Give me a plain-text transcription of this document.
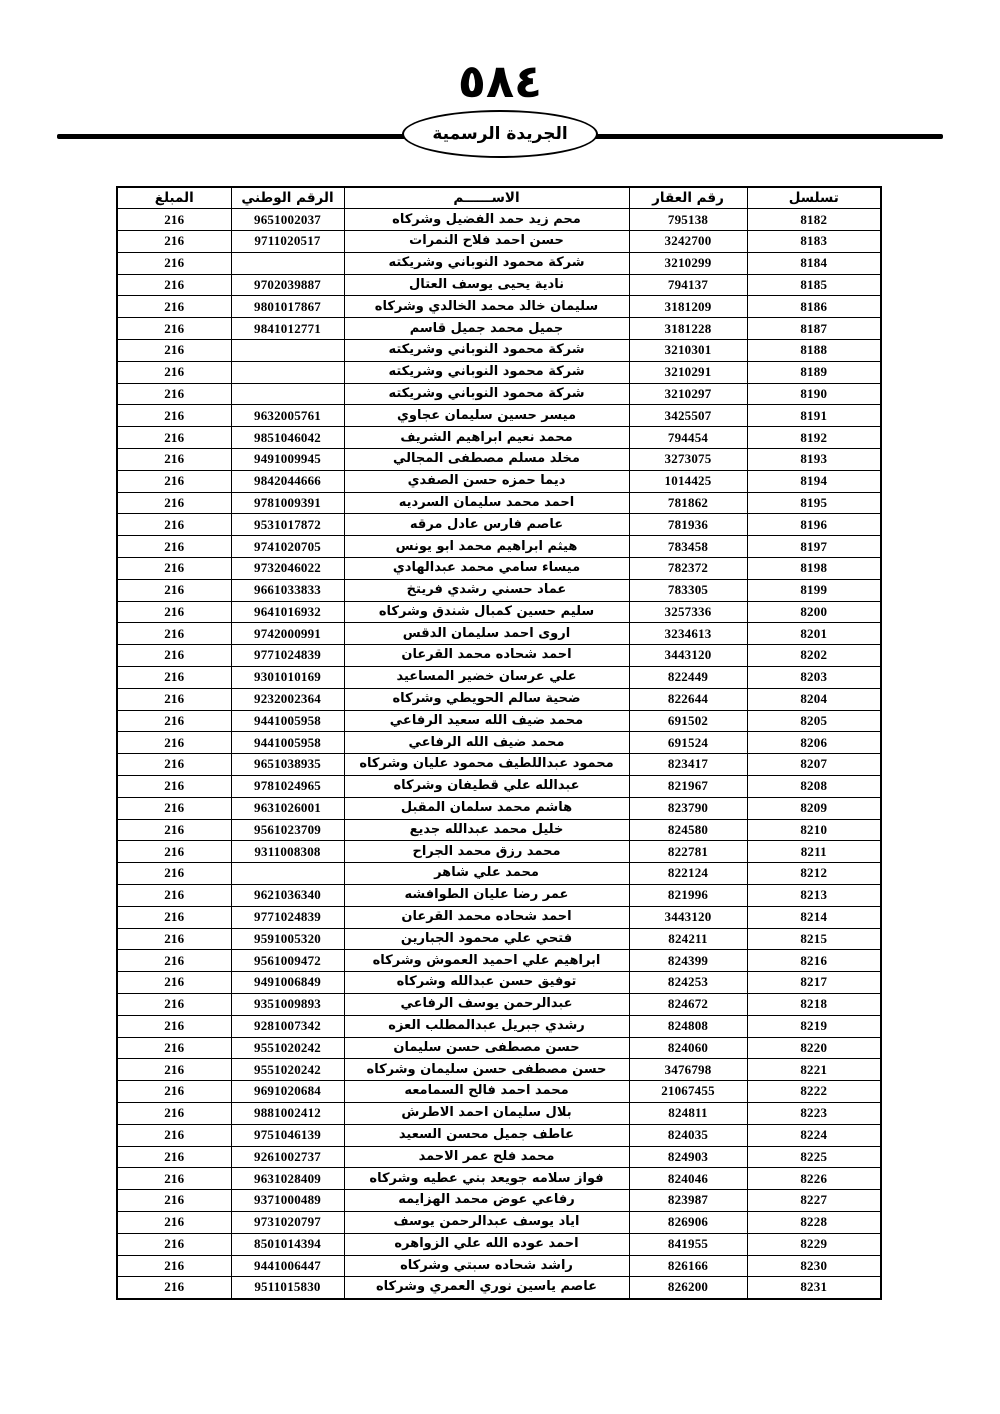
٥٨٤
الجريدة الرسمية
تسلسل	رقم العقار	الاســــــم	الرقم الوطني	المبلغ
8182	795138	محم زيد حمد الفضيل وشركاه	9651002037	216
8183	3242700	حسن احمد فلاح النمرات	9711020517	216
8184	3210299	شركة محمود النوباني وشريكته		216
8185	794137	نادية يحيى يوسف العتال	9702039887	216
8186	3181209	سليمان خالد محمد الخالدي وشركاه	9801017867	216
8187	3181228	جميل محمد جميل قاسم	9841012771	216
8188	3210301	شركة محمود النوباني وشريكته		216
8189	3210291	شركة محمود النوباني وشريكته		216
8190	3210297	شركة محمود النوباني وشريكته		216
8191	3425507	ميسر حسين سليمان عجاوي	9632005761	216
8192	794454	محمد نعيم ابراهيم الشريف	9851046042	216
8193	3273075	مخلد مسلم مصطفى المجالي	9491009945	216
8194	1014425	ديما حمزه حسن الصفدي	9842044666	216
8195	781862	احمد محمد سليمان السرديه	9781009391	216
8196	781936	عاصم فارس عادل مرقه	9531017872	216
8197	783458	هيثم ابراهيم محمد ابو يونس	9741020705	216
8198	782372	ميساء سامي محمد عبدالهادي	9732046022	216
8199	783305	عماد حسني رشدي فريتخ	9661033833	216
8200	3257336	سليم حسين كمبال شندق وشركاه	9641016932	216
8201	3234613	اروى احمد سليمان الدقس	9742000991	216
8202	3443120	احمد شحاده محمد القرعان	9771024839	216
8203	822449	علي عرسان خضير المساعيد	9301010169	216
8204	822644	ضحية سالم الحويطي وشركاه	9232002364	216
8205	691502	محمد ضيف الله سعيد الرفاعي	9441005958	216
8206	691524	محمد ضيف الله الرفاعي	9441005958	216
8207	823417	محمود عبداللطيف محمود عليان وشركاه	9651038935	216
8208	821967	عبدالله علي قطيفان وشركاه	9781024965	216
8209	823790	هاشم محمد سلمان المقبل	9631026001	216
8210	824580	خليل محمد عبدالله جديع	9561023709	216
8211	822781	محمد رزق محمد الجراح	9311008308	216
8212	822124	محمد علي شاهر		216
8213	821996	عمر رضا عليان الطوافشه	9621036340	216
8214	3443120	احمد شحاده محمد القرعان	9771024839	216
8215	824211	فتحي علي محمود الجبارين	9591005320	216
8216	824399	ابراهيم علي احميد العموش وشركاه	9561009472	216
8217	824253	توفيق حسن عبدالله وشركاه	9491006849	216
8218	824672	عبدالرحمن يوسف الرفاعي	9351009893	216
8219	824808	رشدي جبريل عبدالمطلب العزه	9281007342	216
8220	824060	حسن مصطفى حسن سليمان	9551020242	216
8221	3476798	حسن مصطفى حسن سليمان وشركاه	9551020242	216
8222	21067455	محمد احمد فالح السمامعه	9691020684	216
8223	824811	بلال سليمان احمد الاطرش	9881002412	216
8224	824035	عاطف جميل محسن السعيد	9751046139	216
8225	824903	محمد فلح عمر الاحمد	9261002737	216
8226	824046	فواز سلامه جويعد بني عطيه وشركاه	9631028409	216
8227	823987	رفاعي عوض محمد الهزايمه	9371000489	216
8228	826906	اياد يوسف عبدالرحمن يوسف	9731020797	216
8229	841955	احمد عوده الله علي الزواهره	8501014394	216
8230	826166	راشد شحاده سبتي وشركاه	9441006447	216
8231	826200	عاصم ياسين نوري العمري وشركاه	9511015830	216
